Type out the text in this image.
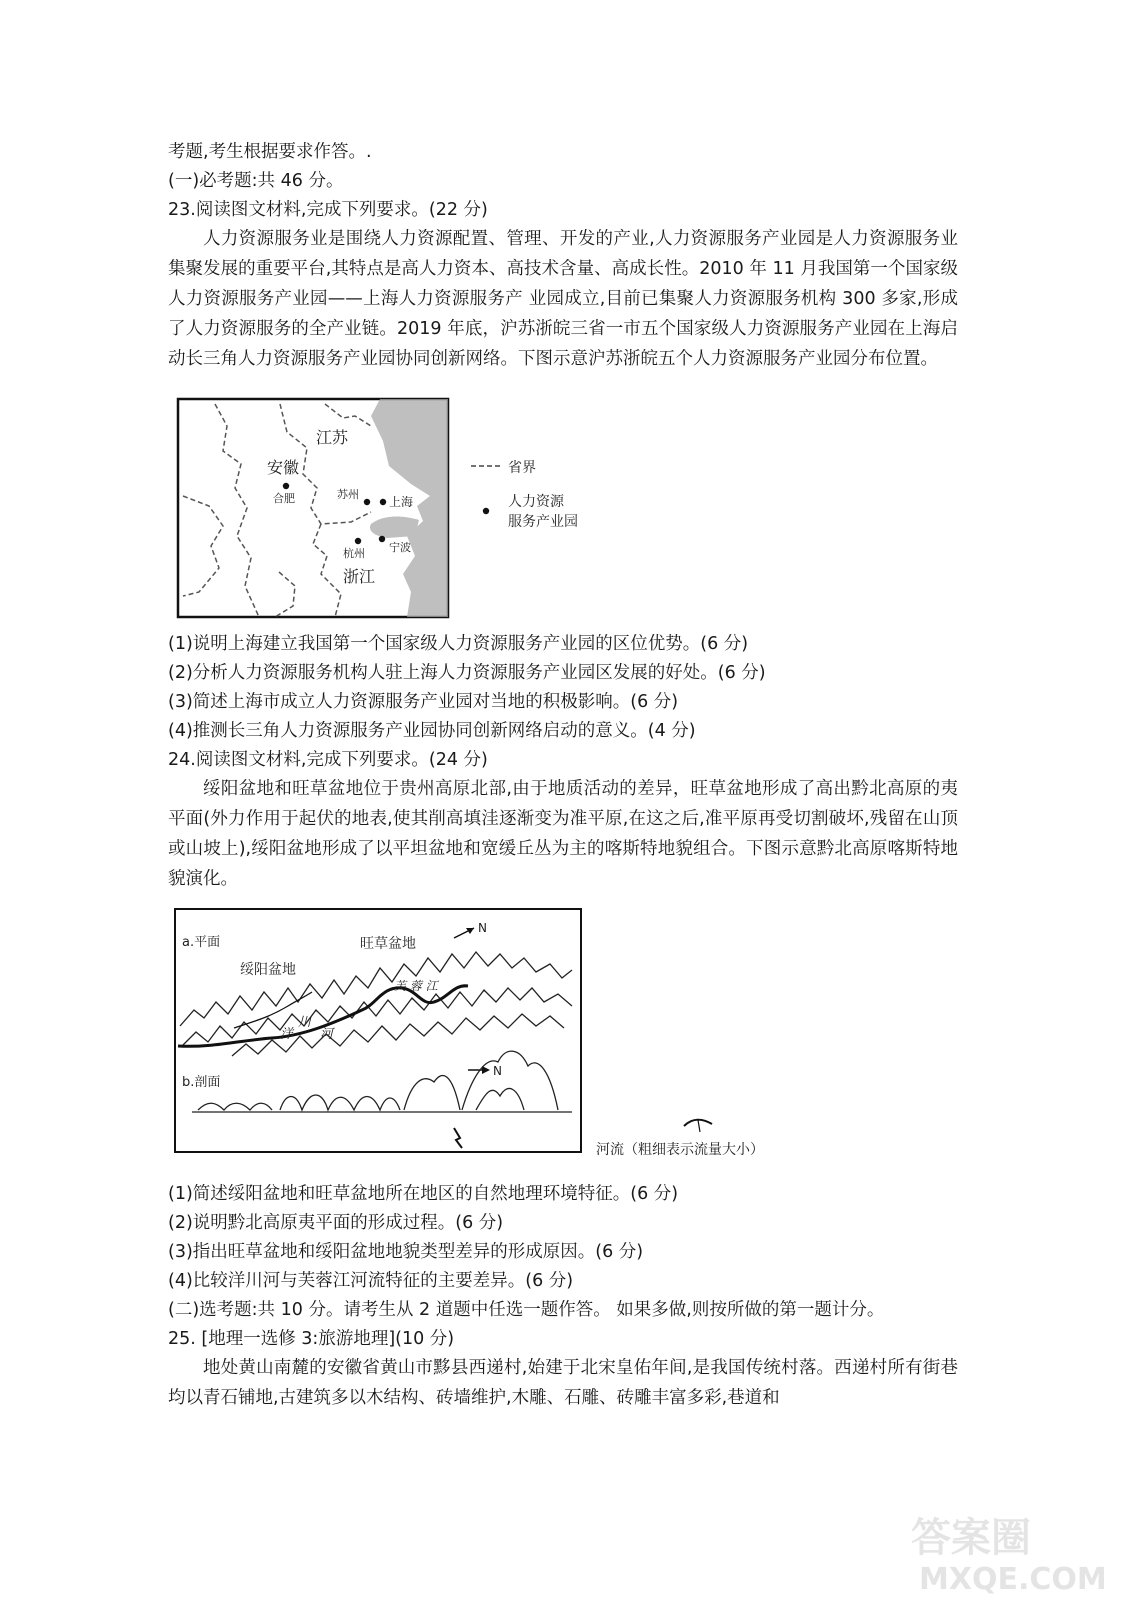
考题,考生根据要求作答。.
(一)必考题:共 46 分。
23.阅读图文材料,完成下列要求。(22 分)
人力资源服务业是围绕人力资源配置、管理、开发的产业,人力资源服务产业园是人力资源服务业集聚发展的重要平台,其特点是高人力资本、高技术含量、高成长性。2010 年 11 月我国第一个国家级人力资源服务产业园——上海人力资源服务产 业园成立,目前已集聚人力资源服务机构 300 多家,形成了人力资源服务的全产业链。2019 年底，沪苏浙皖三省一市五个国家级人力资源服务产业园在上海启动长三角人力资源服务产业园协同创新网络。下图示意沪苏浙皖五个人力资源服务产业园分布位置。
江苏
安徽
浙江
合肥	苏州
上海
杭州 宁波
省界
人力资源
服务产业园
(1)说明上海建立我国第一个国家级人力资源服务产业园的区位优势。(6 分)
(2)分析人力资源服务机构人驻上海人力资源服务产业园区发展的好处。(6 分)
(3)简述上海市成立人力资源服务产业园对当地的积极影响。(6 分)
(4)推测长三角人力资源服务产业园协同创新网络启动的意义。(4 分)
24.阅读图文材料,完成下列要求。(24 分)
绥阳盆地和旺草盆地位于贵州高原北部,由于地质活动的差异，旺草盆地形成了高出黔北高原的夷平面(外力作用于起伏的地表,使其削高填洼逐渐变为准平原,在这之后,准平原再受切割破坏,残留在山顶或山坡上),绥阳盆地形成了以平坦盆地和宽缓丘丛为主的喀斯特地貌组合。下图示意黔北高原喀斯特地貌演化。
a.平面	旺草盆地
绥阳盆地
N
N
洋
川
河
芙 蓉 江
b.剖面
河流（粗细表示流量大小）
(1)简述绥阳盆地和旺草盆地所在地区的自然地理环境特征。(6 分)
(2)说明黔北高原夷平面的形成过程。(6 分)
(3)指出旺草盆地和绥阳盆地地貌类型差异的形成原因。(6 分)
(4)比较洋川河与芙蓉江河流特征的主要差异。(6 分)
(二)选考题:共 10 分。请考生从 2 道题中任选一题作答。 如果多做,则按所做的第一题计分。
25. [地理一选修 3:旅游地理](10 分)
地处黄山南麓的安徽省黄山市黟县西递村,始建于北宋皇佑年间,是我国传统村落。西递村所有街巷均以青石铺地,古建筑多以木结构、砖墙维护,木雕、石雕、砖雕丰富多彩,巷道和
答案圈
MXQE.COM
